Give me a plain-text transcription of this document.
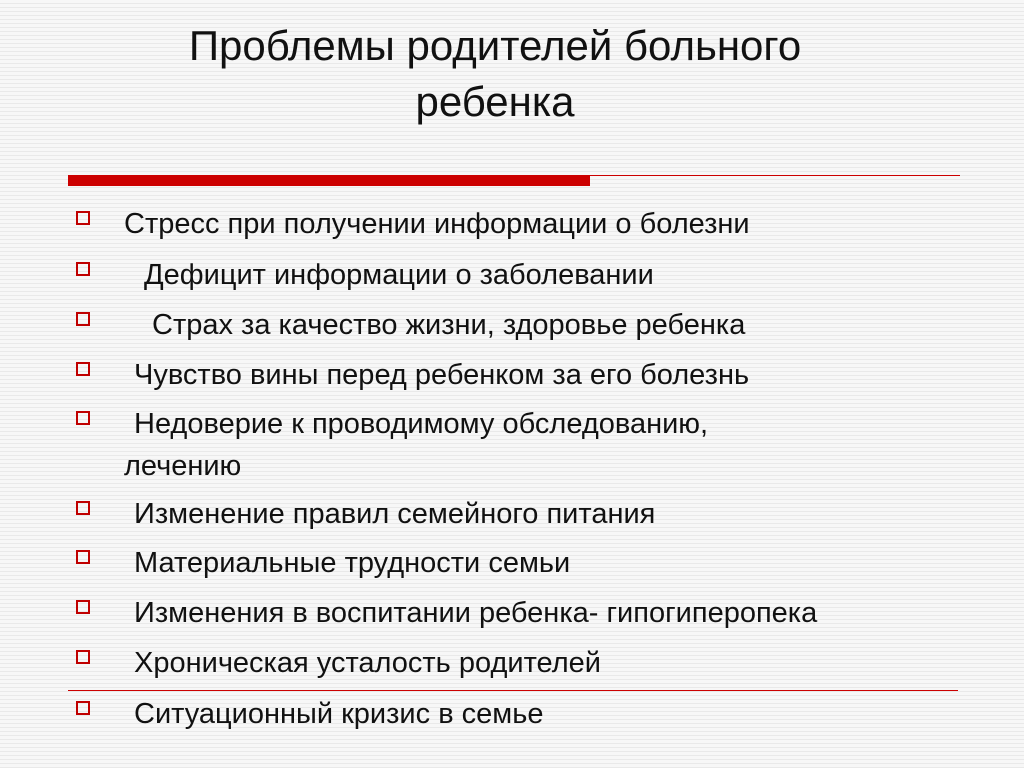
Проблемы родителей больного
ребенка
Стресс при получении информации о болезни
Дефицит информации о заболевании
Страх за качество жизни, здоровье ребенка
Чувство вины перед ребенком за его болезнь
Недоверие к проводимому обследованию,
лечению
Изменение правил семейного питания
Материальные трудности семьи
Изменения в воспитании ребенка- гипогиперопека
Хроническая усталость родителей
Ситуационный кризис в семье
